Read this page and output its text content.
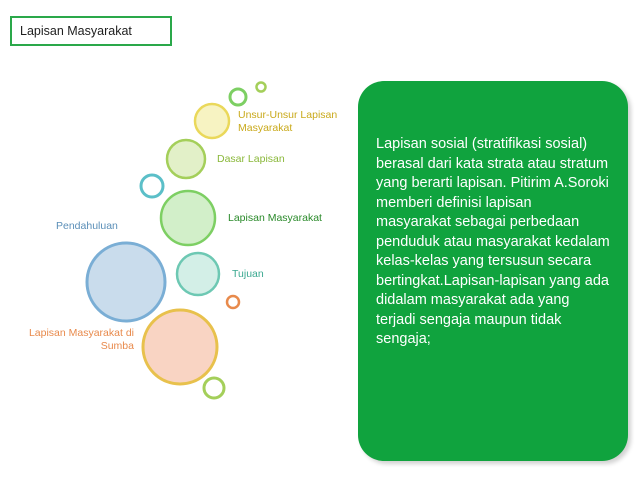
Lapisan Masyarakat
Unsur-Unsur Lapisan Masyarakat
Dasar Lapisan
Lapisan Masyarakat
Pendahuluan
Tujuan
Lapisan Masyarakat di Sumba
Lapisan sosial (stratifikasi sosial) berasal dari kata strata atau stratum yang berarti lapisan. Pitirim A.Soroki memberi definisi lapisan masyarakat sebagai perbedaan penduduk atau masyarakat kedalam kelas-kelas yang tersusun secara bertingkat.Lapisan-lapisan yang ada didalam masyarakat ada yang terjadi sengaja maupun tidak sengaja;
